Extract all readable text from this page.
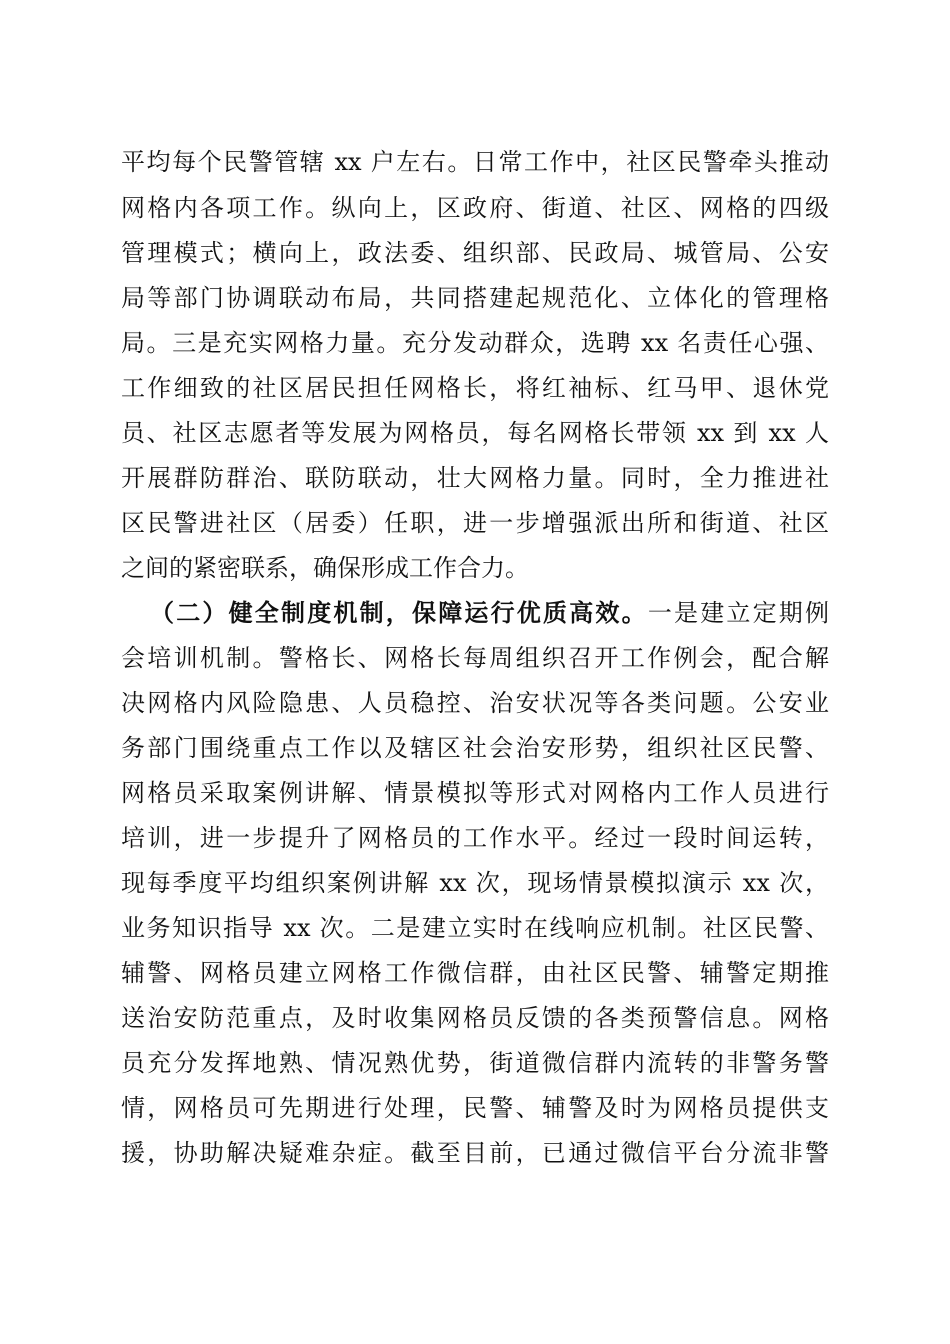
平均每个民警管辖 xx 户左右。日常工作中，社区民警牵头推动
网格内各项工作。纵向上，区政府、街道、社区、网格的四级
管理模式；横向上，政法委、组织部、民政局、城管局、公安
局等部门协调联动布局，共同搭建起规范化、立体化的管理格
局。三是充实网格力量。充分发动群众，选聘 xx 名责任心强、
工作细致的社区居民担任网格长，将红袖标、红马甲、退休党
员、社区志愿者等发展为网格员，每名网格长带领 xx 到 xx 人
开展群防群治、联防联动，壮大网格力量。同时，全力推进社
区民警进社区（居委）任职，进一步增强派出所和街道、社区
之间的紧密联系，确保形成工作合力。
（二）健全制度机制，保障运行优质高效。一是建立定期例
会培训机制。警格长、网格长每周组织召开工作例会，配合解
决网格内风险隐患、人员稳控、治安状况等各类问题。公安业
务部门围绕重点工作以及辖区社会治安形势，组织社区民警、
网格员采取案例讲解、情景模拟等形式对网格内工作人员进行
培训，进一步提升了网格员的工作水平。经过一段时间运转，
现每季度平均组织案例讲解 xx 次，现场情景模拟演示 xx 次，
业务知识指导 xx 次。二是建立实时在线响应机制。社区民警、
辅警、网格员建立网格工作微信群，由社区民警、辅警定期推
送治安防范重点，及时收集网格员反馈的各类预警信息。网格
员充分发挥地熟、情况熟优势，街道微信群内流转的非警务警
情，网格员可先期进行处理，民警、辅警及时为网格员提供支
援，协助解决疑难杂症。截至目前，已通过微信平台分流非警
